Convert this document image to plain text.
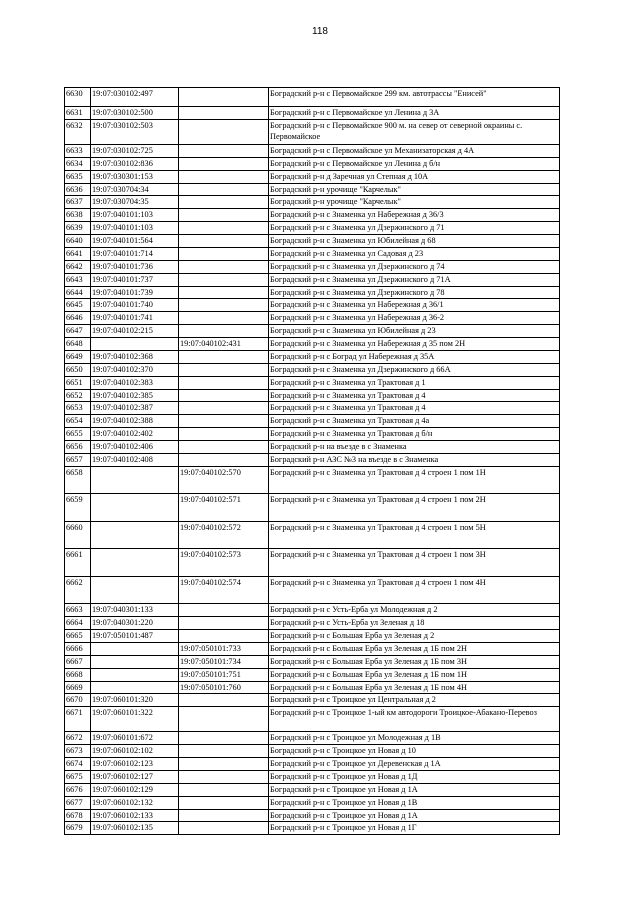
118
6630	19:07:030102:497		Боградский р-н с Первомайское 299 км. автотрассы "Енисей"
6631	19:07:030102:500		Боградский р-н с Первомайское ул Ленина д 3А
6632	19:07:030102:503		Боградский р-н с Первомайское 900 м. на север от северной окраины с. Первомайское
6633	19:07:030102:725		Боградский р-н с Первомайское ул Механизаторская д 4А
6634	19:07:030102:836		Боградский р-н с Первомайское ул Ленина д б/н
6635	19:07:030301:153		Боградский р-н д Заречная ул Степная д 10А
6636	19:07:030704:34		Боградский р-н урочище "Карчелык"
6637	19:07:030704:35		Боградский р-н урочище "Карчелык"
6638	19:07:040101:103		Боградский р-н с Знаменка ул Набережная д 36/3
6639	19:07:040101:103		Боградский р-н с Знаменка ул Дзержинского д 71
6640	19:07:040101:564		Боградский р-н с Знаменка ул Юбилейная д 68
6641	19:07:040101:714		Боградский р-н с Знаменка ул Садовая д 23
6642	19:07:040101:736		Боградский р-н с Знаменка ул Дзержинского д 74
6643	19:07:040101:737		Боградский р-н с Знаменка ул Дзержинского д 71А
6644	19:07:040101:739		Боградский р-н с Знаменка ул Дзержинского д 78
6645	19:07:040101:740		Боградский р-н с Знаменка ул Набережная д 36/1
6646	19:07:040101:741		Боградский р-н с Знаменка ул Набережная д 36-2
6647	19:07:040102:215		Боградский р-н с Знаменка ул Юбилейная д 23
6648		19:07:040102:431	Боградский р-н с Знаменка ул Набережная д 35 пом 2Н
6649	19:07:040102:368		Боградский р-н с Боград ул Набережная д 35А
6650	19:07:040102:370		Боградский р-н с Знаменка ул Дзержинского д 66А
6651	19:07:040102:383		Боградский р-н с Знаменка ул Трактовая д 1
6652	19:07:040102:385		Боградский р-н с Знаменка ул Трактовая д 4
6653	19:07:040102:387		Боградский р-н с Знаменка ул Трактовая д 4
6654	19:07:040102:388		Боградский р-н с Знаменка ул Трактовая д 4а
6655	19:07:040102:402		Боградский р-н с Знаменка ул Трактовая д б/н
6656	19:07:040102:406		Боградский р-н на въезде в с Знаменка
6657	19:07:040102:408		Боградский р-н АЗС №3 на въезде в с Знаменка
6658		19:07:040102:570	Боградский р-н с Знаменка ул Трактовая д 4 строен 1 пом 1Н
6659		19:07:040102:571	Боградский р-н с Знаменка ул Трактовая д 4 строен 1 пом 2Н
6660		19:07:040102:572	Боградский р-н с Знаменка ул Трактовая д 4 строен 1 пом 5Н
6661		19:07:040102:573	Боградский р-н с Знаменка ул Трактовая д 4 строен 1 пом 3Н
6662		19:07:040102:574	Боградский р-н с Знаменка ул Трактовая д 4 строен 1 пом 4Н
6663	19:07:040301:133		Боградский р-н с Усть-Ерба ул Молодежная д 2
6664	19:07:040301:220		Боградский р-н с Усть-Ерба ул Зеленая д 18
6665	19:07:050101:487		Боградский р-н с Большая Ерба ул Зеленая д 2
6666		19:07:050101:733	Боградский р-н с Большая Ерба ул Зеленая д 1Б пом 2Н
6667		19:07:050101:734	Боградский р-н с Большая Ерба ул Зеленая д 1Б пом 3Н
6668		19:07:050101:751	Боградский р-н с Большая Ерба ул Зеленая д 1Б пом 1Н
6669		19:07:050101:760	Боградский р-н с Большая Ерба ул Зеленая д 1Б пом 4Н
6670	19:07:060101:320		Боградский р-н с Троицкое ул Центральная д 2
6671	19:07:060101:322		Боградский р-н с Троицкое 1-ый км автодороги Троицкое-Абакано-Перевоз
6672	19:07:060101:672		Боградский р-н с Троицкое ул Молодежная д 1В
6673	19:07:060102:102		Боградский р-н с Троицкое ул Новая д 10
6674	19:07:060102:123		Боградский р-н с Троицкое ул Деревенская д 1А
6675	19:07:060102:127		Боградский р-н с Троицкое ул Новая д 1Д
6676	19:07:060102:129		Боградский р-н с Троицкое ул Новая д 1А
6677	19:07:060102:132		Боградский р-н с Троицкое ул Новая д 1В
6678	19:07:060102:133		Боградский р-н с Троицкое ул Новая д 1А
6679	19:07:060102:135		Боградский р-н с Троицкое ул Новая д 1Г
